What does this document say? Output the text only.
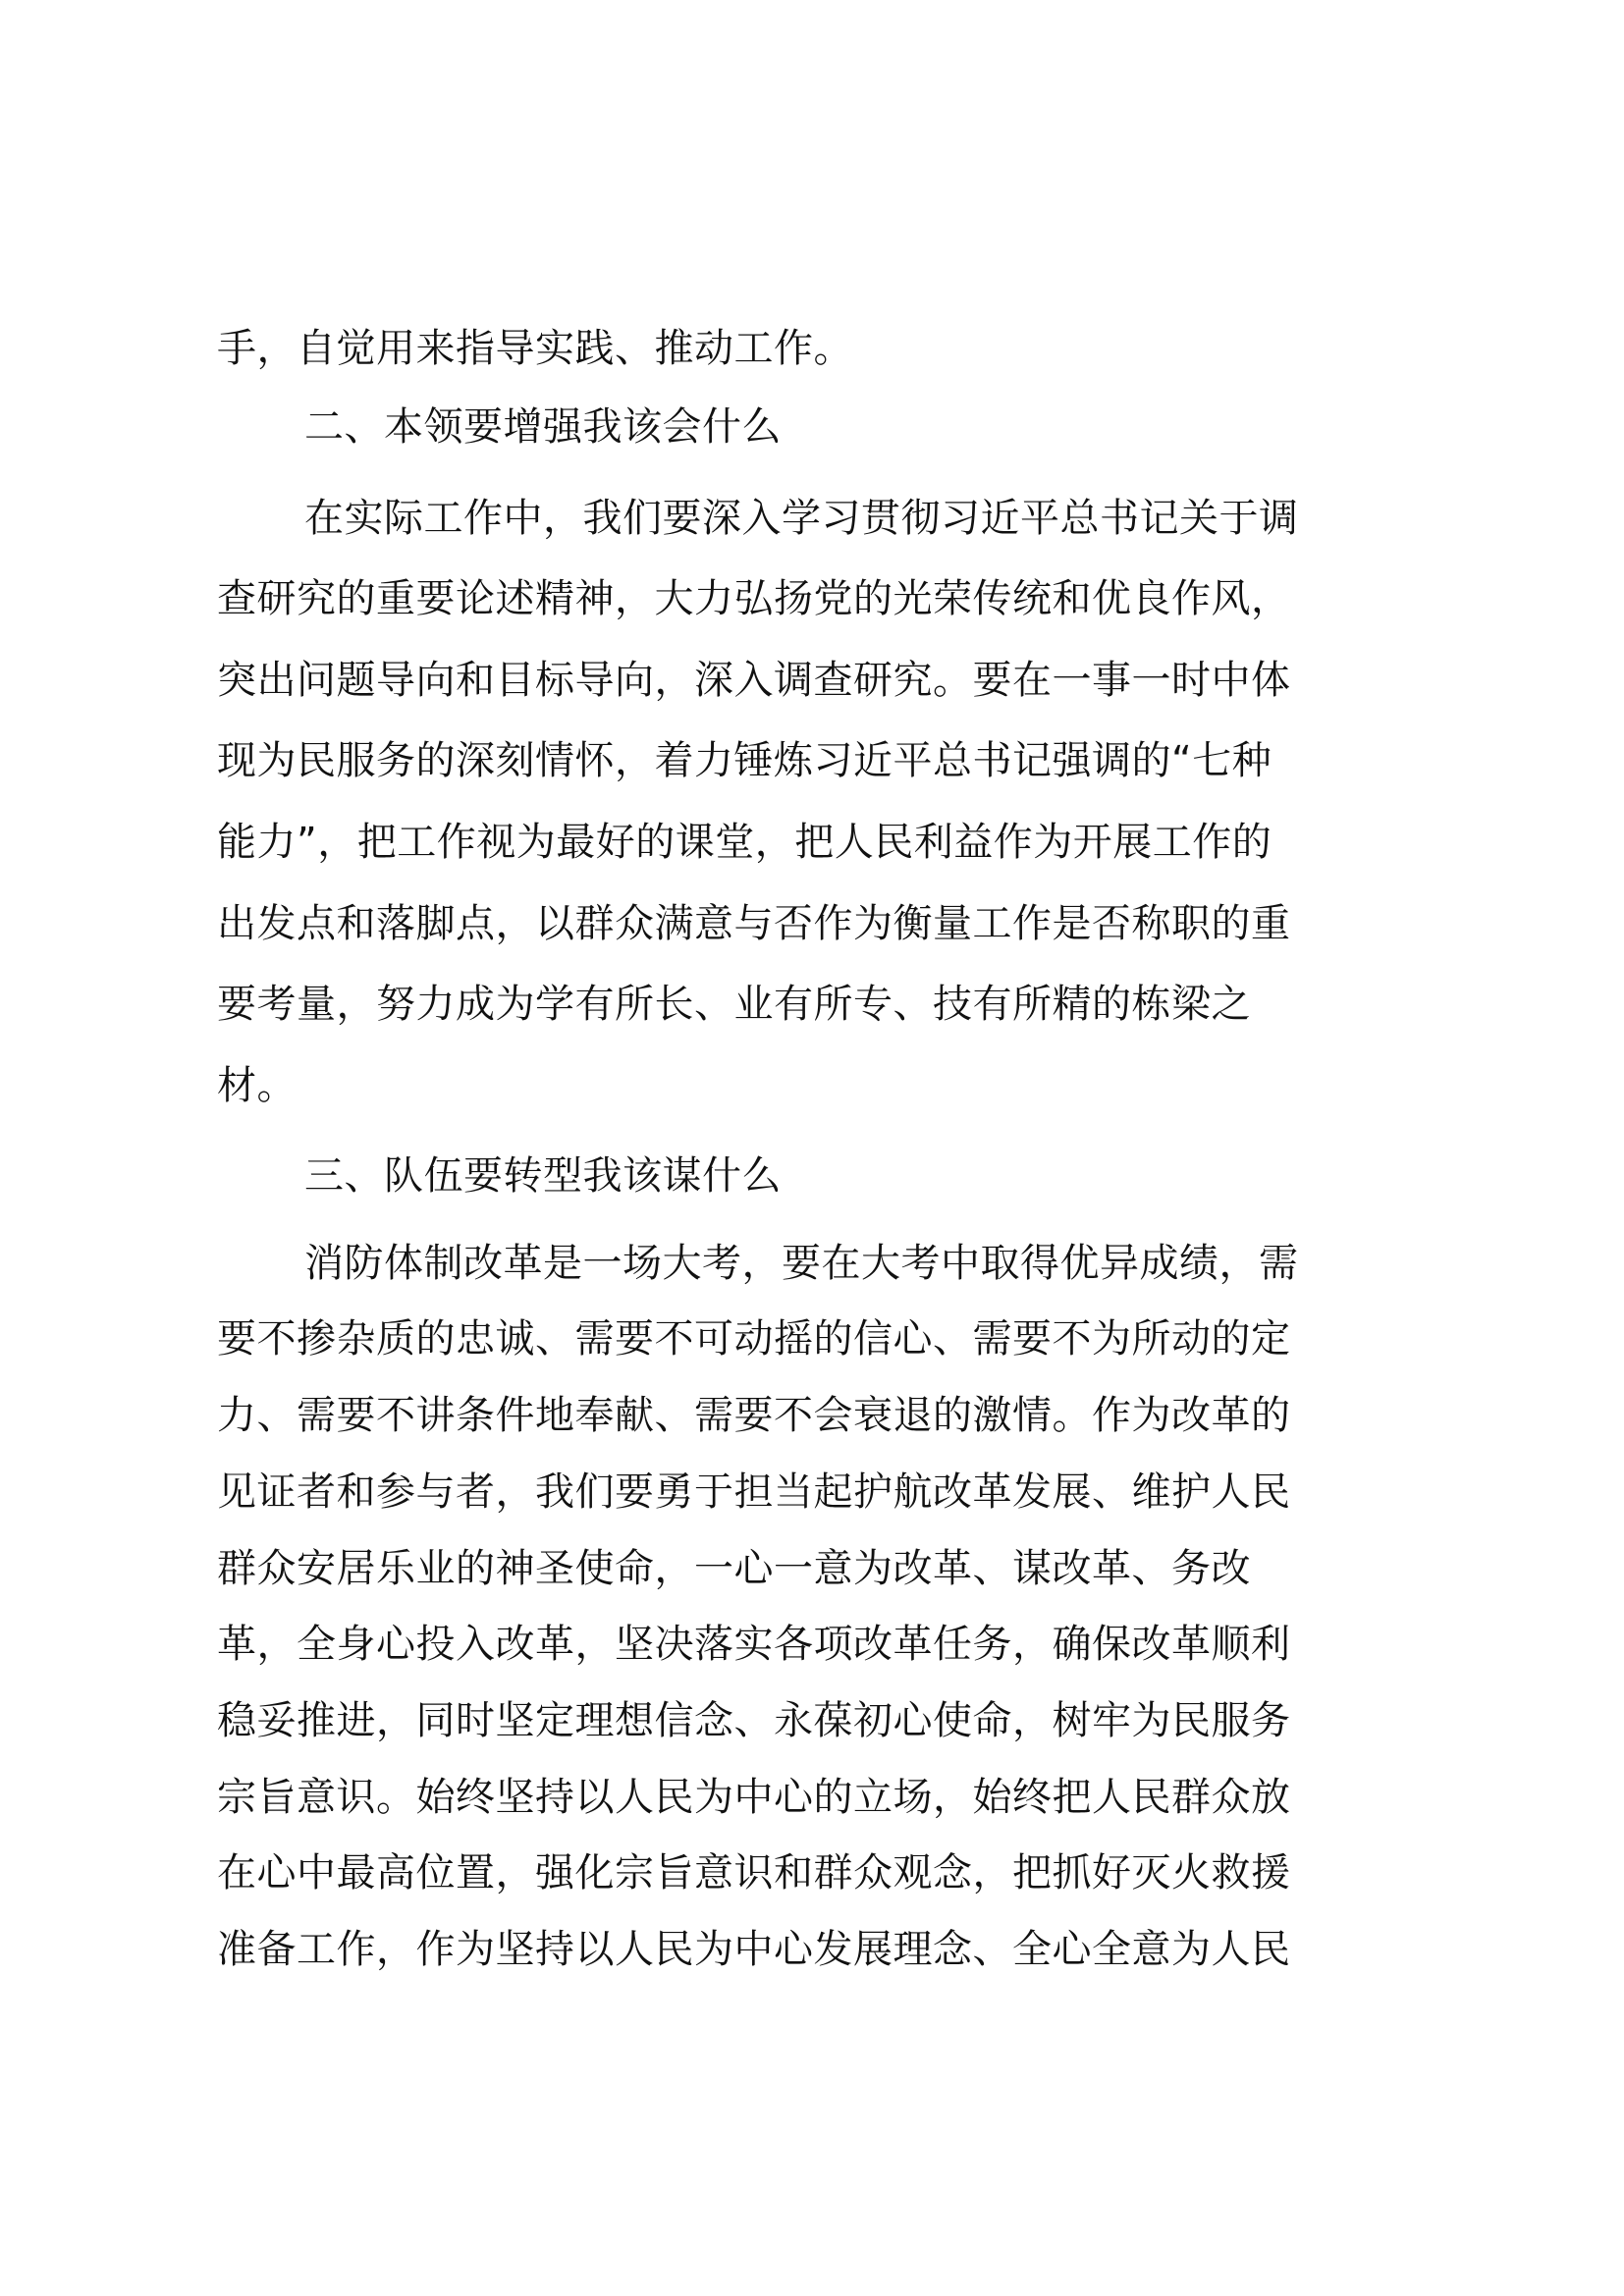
手，自觉用来指导实践、推动工作。

二、本领要增强我该会什么

在实际工作中，我们要深入学习贯彻习近平总书记关于调

查研究的重要论述精神，大力弘扬党的光荣传统和优良作风，

突出问题导向和目标导向，深入调查研究。要在一事一时中体

现为民服务的深刻情怀，着力锤炼习近平总书记强调的“七种

能力”，把工作视为最好的课堂，把人民利益作为开展工作的

出发点和落脚点，以群众满意与否作为衡量工作是否称职的重

要考量，努力成为学有所长、业有所专、技有所精的栋梁之

材。

三、队伍要转型我该谋什么

消防体制改革是一场大考，要在大考中取得优异成绩，需

要不掺杂质的忠诚、需要不可动摇的信心、需要不为所动的定

力、需要不讲条件地奉献、需要不会衰退的激情。作为改革的

见证者和参与者，我们要勇于担当起护航改革发展、维护人民

群众安居乐业的神圣使命，一心一意为改革、谋改革、务改

革，全身心投入改革，坚决落实各项改革任务，确保改革顺利

稳妥推进，同时坚定理想信念、永葆初心使命，树牢为民服务

宗旨意识。始终坚持以人民为中心的立场，始终把人民群众放

在心中最高位置，强化宗旨意识和群众观念，把抓好灭火救援

准备工作，作为坚持以人民为中心发展理念、全心全意为人民
